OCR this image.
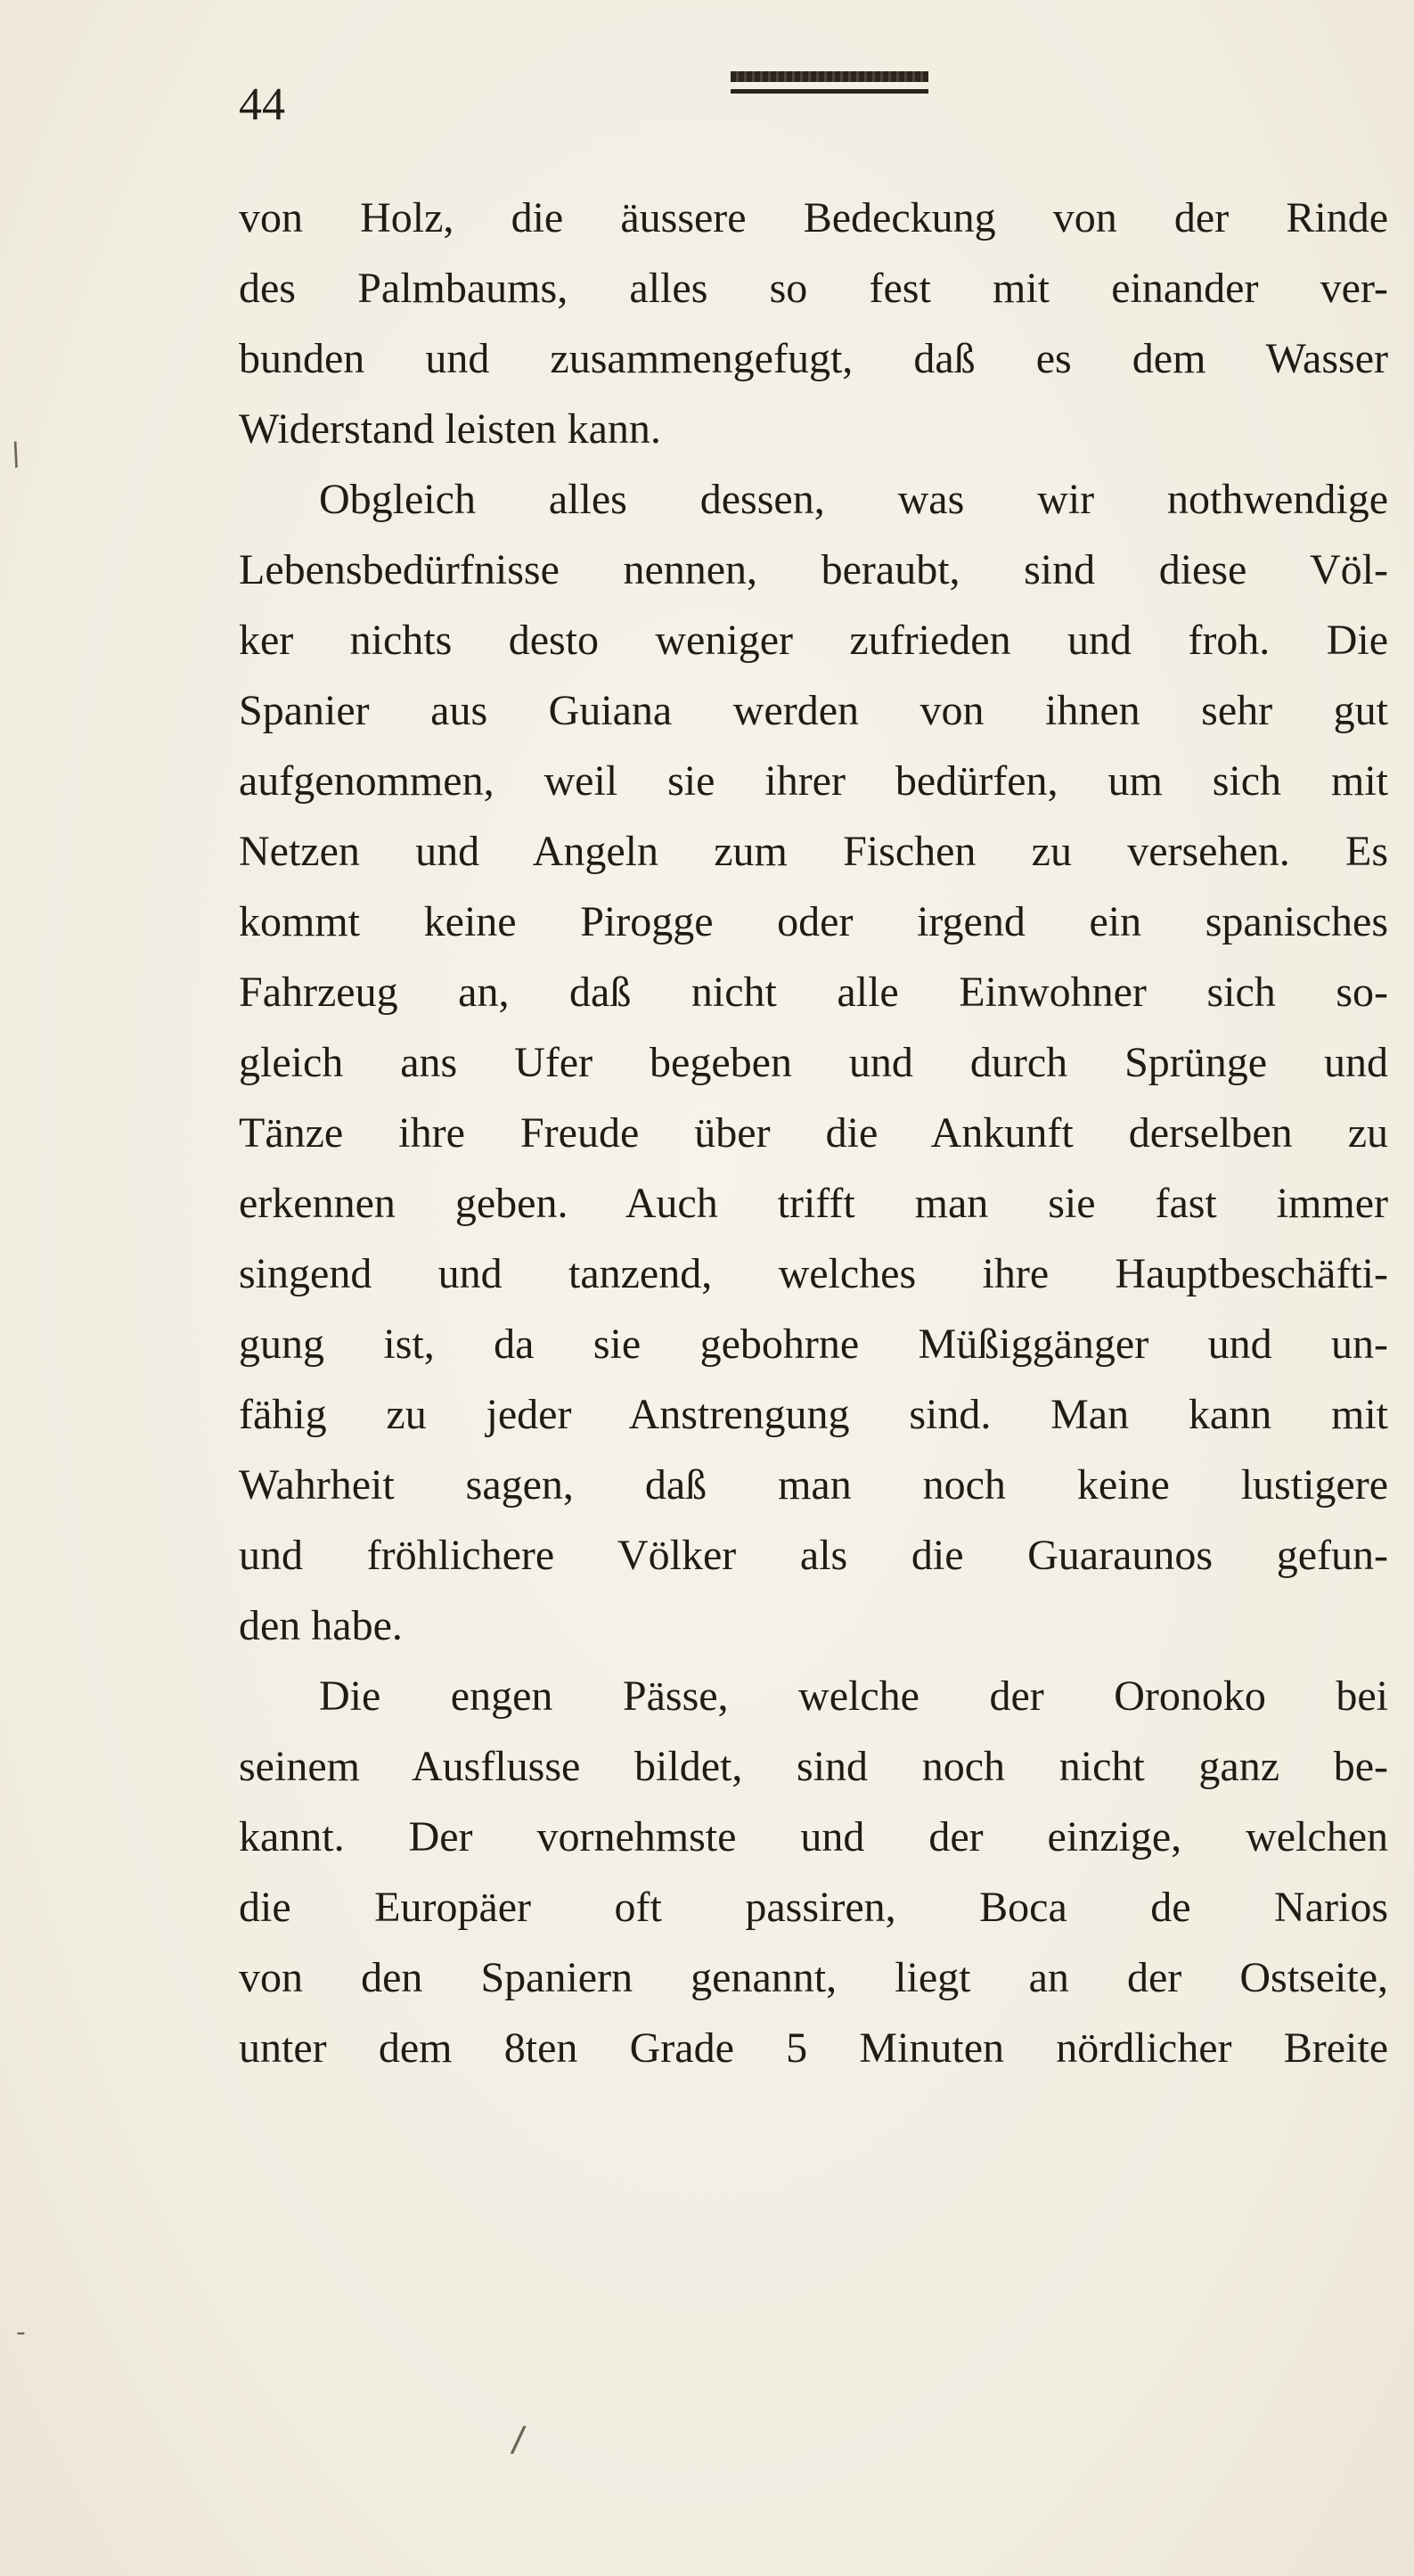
44
von Holz, die äussere Bedeckung von der Rinde
des Palmbaums, alles so fest mit einander ver-
bunden und zusammengefugt, daß es dem Wasser
Widerstand leisten kann.
Obgleich alles dessen, was wir nothwendige
Lebensbedürfnisse nennen, beraubt, sind diese Völ-
ker nichts desto weniger zufrieden und froh. Die
Spanier aus Guiana werden von ihnen sehr gut
aufgenommen, weil sie ihrer bedürfen, um sich mit
Netzen und Angeln zum Fischen zu versehen. Es
kommt keine Pirogge oder irgend ein spanisches
Fahrzeug an, daß nicht alle Einwohner sich so-
gleich ans Ufer begeben und durch Sprünge und
Tänze ihre Freude über die Ankunft derselben zu
erkennen geben. Auch trifft man sie fast immer
singend und tanzend, welches ihre Hauptbeschäfti-
gung ist, da sie gebohrne Müßiggänger und un-
fähig zu jeder Anstrengung sind. Man kann mit
Wahrheit sagen, daß man noch keine lustigere
und fröhlichere Völker als die Guaraunos gefun-
den habe.
Die engen Pässe, welche der Oronoko bei
seinem Ausflusse bildet, sind noch nicht ganz be-
kannt. Der vornehmste und der einzige, welchen
die Europäer oft passiren, Boca de Narios
von den Spaniern genannt, liegt an der Ostseite,
unter dem 8ten Grade 5 Minuten nördlicher Breite
/
/
-
